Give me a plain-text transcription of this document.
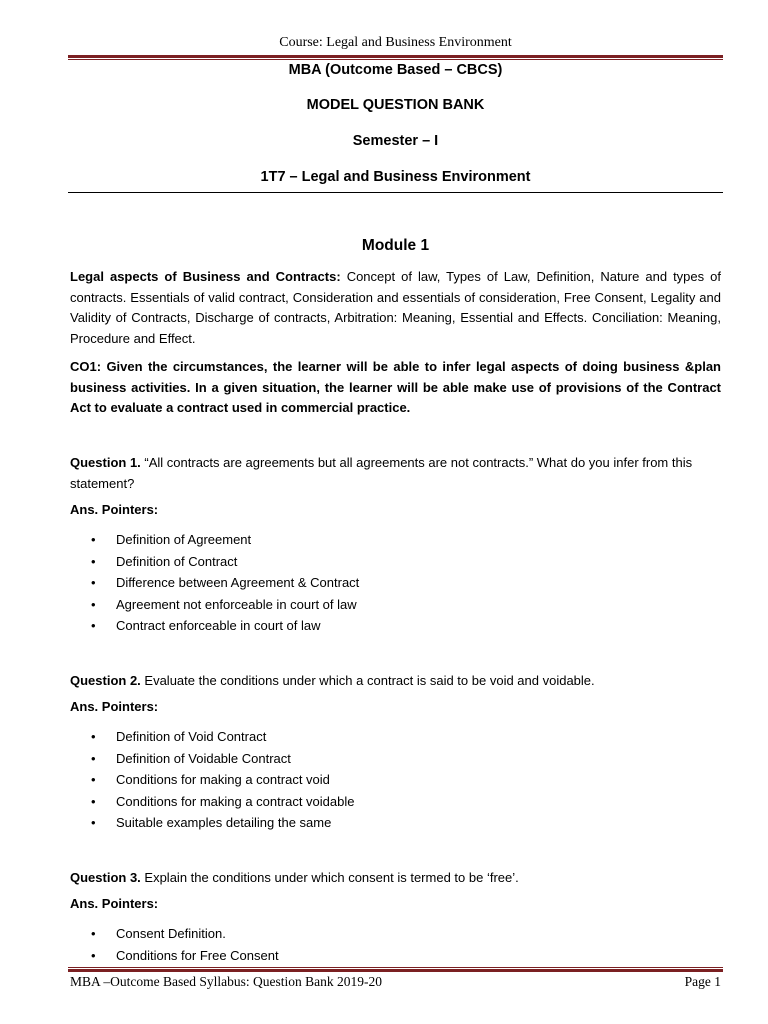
Course: Legal and Business Environment
MBA (Outcome Based – CBCS)
MODEL QUESTION BANK
Semester – I
1T7 – Legal and Business Environment
Module 1

Legal aspects of Business and Contracts: Concept of law, Types of Law, Definition, Nature and types of contracts. Essentials of valid contract, Consideration and essentials of consideration, Free Consent, Legality and Validity of Contracts, Discharge of contracts, Arbitration: Meaning, Essential and Effects. Conciliation: Meaning, Procedure and Effect.

CO1: Given the circumstances, the learner will be able to infer legal aspects of doing business &plan business activities. In a given situation, the learner will be able make use of provisions of the Contract Act to evaluate a contract used in commercial practice.

Question 1. “All contracts are agreements but all agreements are not contracts.” What do you infer from this statement?

Ans. Pointers:

• Definition of Agreement
• Definition of Contract
• Difference between Agreement & Contract
• Agreement not enforceable in court of law
• Contract enforceable in court of law

Question 2. Evaluate the conditions under which a contract is said to be void and voidable.

Ans. Pointers:

• Definition of Void Contract
• Definition of Voidable Contract
• Conditions for making a contract void
• Conditions for making a contract voidable
• Suitable examples detailing the same

Question 3. Explain the conditions under which consent is termed to be ‘free’.

Ans. Pointers:

• Consent Definition.
• Conditions for Free Consent
MBA –Outcome Based Syllabus: Question Bank 2019-20	Page 1
